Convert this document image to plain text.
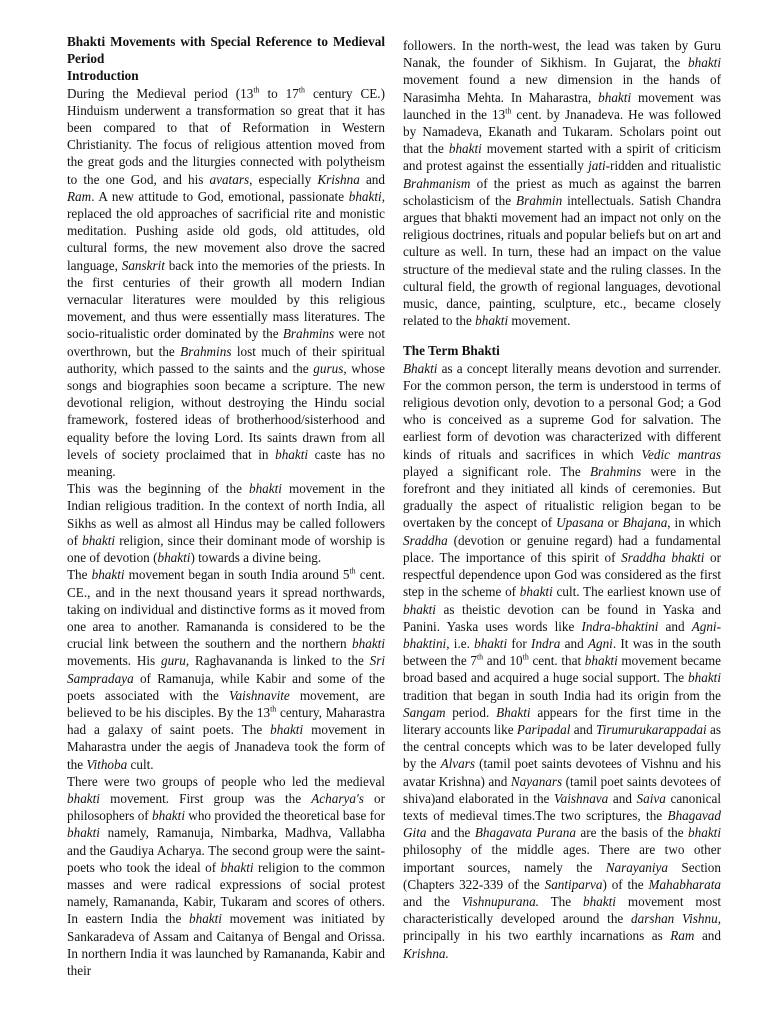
Bhakti Movements with Special Reference to Medieval Period

Introduction

During the Medieval period (13th to 17th century CE.) Hinduism underwent a transformation so great that it has been compared to that of Reformation in Western Christianity. The focus of religious attention moved from the great gods and the liturgies connected with polytheism to the one God, and his avatars, especially Krishna and Ram. A new attitude to God, emotional, passionate bhakti, replaced the old approaches of sacrificial rite and monistic meditation. Pushing aside old gods, old attitudes, old cultural forms, the new movement also drove the sacred language, Sanskrit back into the memories of the priests. In the first centuries of their growth all modern Indian vernacular literatures were moulded by this religious movement, and thus were essentially mass literatures. The socio-ritualistic order dominated by the Brahmins were not overthrown, but the Brahmins lost much of their spiritual authority, which passed to the saints and the gurus, whose songs and biographies soon became a scripture. The new devotional religion, without destroying the Hindu social framework, fostered ideas of brotherhood/sisterhood and equality before the loving Lord. Its saints drawn from all levels of society proclaimed that in bhakti caste has no meaning.

This was the beginning of the bhakti movement in the Indian religious tradition. In the context of north India, all Sikhs as well as almost all Hindus may be called followers of bhakti religion, since their dominant mode of worship is one of devotion (bhakti) towards a divine being.

The bhakti movement began in south India around 5th cent. CE., and in the next thousand years it spread northwards, taking on individual and distinctive forms as it moved from one area to another. Ramananda is considered to be the crucial link between the southern and the northern bhakti movements. His guru, Raghavananda is linked to the Sri Sampradaya of Ramanuja, while Kabir and some of the poets associated with the Vaishnavite movement, are believed to be his disciples. By the 13th century, Maharastra had a galaxy of saint poets. The bhakti movement in Maharastra under the aegis of Jnanadeva took the form of the Vithoba cult.

There were two groups of people who led the medieval bhakti movement. First group was the Acharya's or philosophers of bhakti who provided the theoretical base for bhakti namely, Ramanuja, Nimbarka, Madhva, Vallabha and the Gaudiya Acharya. The second group were the saint-poets who took the ideal of bhakti religion to the common masses and were radical expressions of social protest namely, Ramananda, Kabir, Tukaram and scores of others. In eastern India the bhakti movement was initiated by Sankaradeva of Assam and Caitanya of Bengal and Orissa. In northern India it was launched by Ramananda, Kabir and their

followers. In the north-west, the lead was taken by Guru Nanak, the founder of Sikhism. In Gujarat, the bhakti movement found a new dimension in the hands of Narasimha Mehta. In Maharastra, bhakti movement was launched in the 13th cent. by Jnanadeva. He was followed by Namadeva, Ekanath and Tukaram. Scholars point out that the bhakti movement started with a spirit of criticism and protest against the essentially jati-ridden and ritualistic Brahmanism of the priest as much as against the barren scholasticism of the Brahmin intellectuals. Satish Chandra argues that bhakti movement had an impact not only on the religious doctrines, rituals and popular beliefs but on art and culture as well. In turn, these had an impact on the value structure of the medieval state and the ruling classes. In the cultural field, the growth of regional languages, devotional music, dance, painting, sculpture, etc., became closely related to the bhakti movement.

The Term Bhakti

Bhakti as a concept literally means devotion and surrender. For the common person, the term is understood in terms of religious devotion only, devotion to a personal God; a God who is conceived as a supreme God for salvation. The earliest form of devotion was characterized with different kinds of rituals and sacrifices in which Vedic mantras played a significant role. The Brahmins were in the forefront and they initiated all kinds of ceremonies. But gradually the aspect of ritualistic religion began to be overtaken by the concept of Upasana or Bhajana, in which Sraddha (devotion or genuine regard) had a fundamental place. The importance of this spirit of Sraddha bhakti or respectful dependence upon God was considered as the first step in the scheme of bhakti cult. The earliest known use of bhakti as theistic devotion can be found in Yaska and Panini. Yaska uses words like Indra-bhaktini and Agni-bhaktini, i.e. bhakti for Indra and Agni. It was in the south between the 7th and 10th cent. that bhakti movement became broad based and acquired a huge social support. The bhakti tradition that began in south India had its origin from the Sangam period. Bhakti appears for the first time in the literary accounts like Paripadal and Tirumurukarappadai as the central concepts which was to be later developed fully by the Alvars (tamil poet saints devotees of Vishnu and his avatar Krishna) and Nayanars (tamil poet saints devotees of shiva)and elaborated in the Vaishnava and Saiva canonical texts of medieval times.The two scriptures, the Bhagavad Gita and the Bhagavata Purana are the basis of the bhakti philosophy of the middle ages. There are two other important sources, namely the Narayaniya Section (Chapters 322-339 of the Santiparva) of the Mahabharata and the Vishnupurana. The bhakti movement most characteristically developed around the darshan Vishnu, principally in his two earthly incarnations as Ram and Krishna.
